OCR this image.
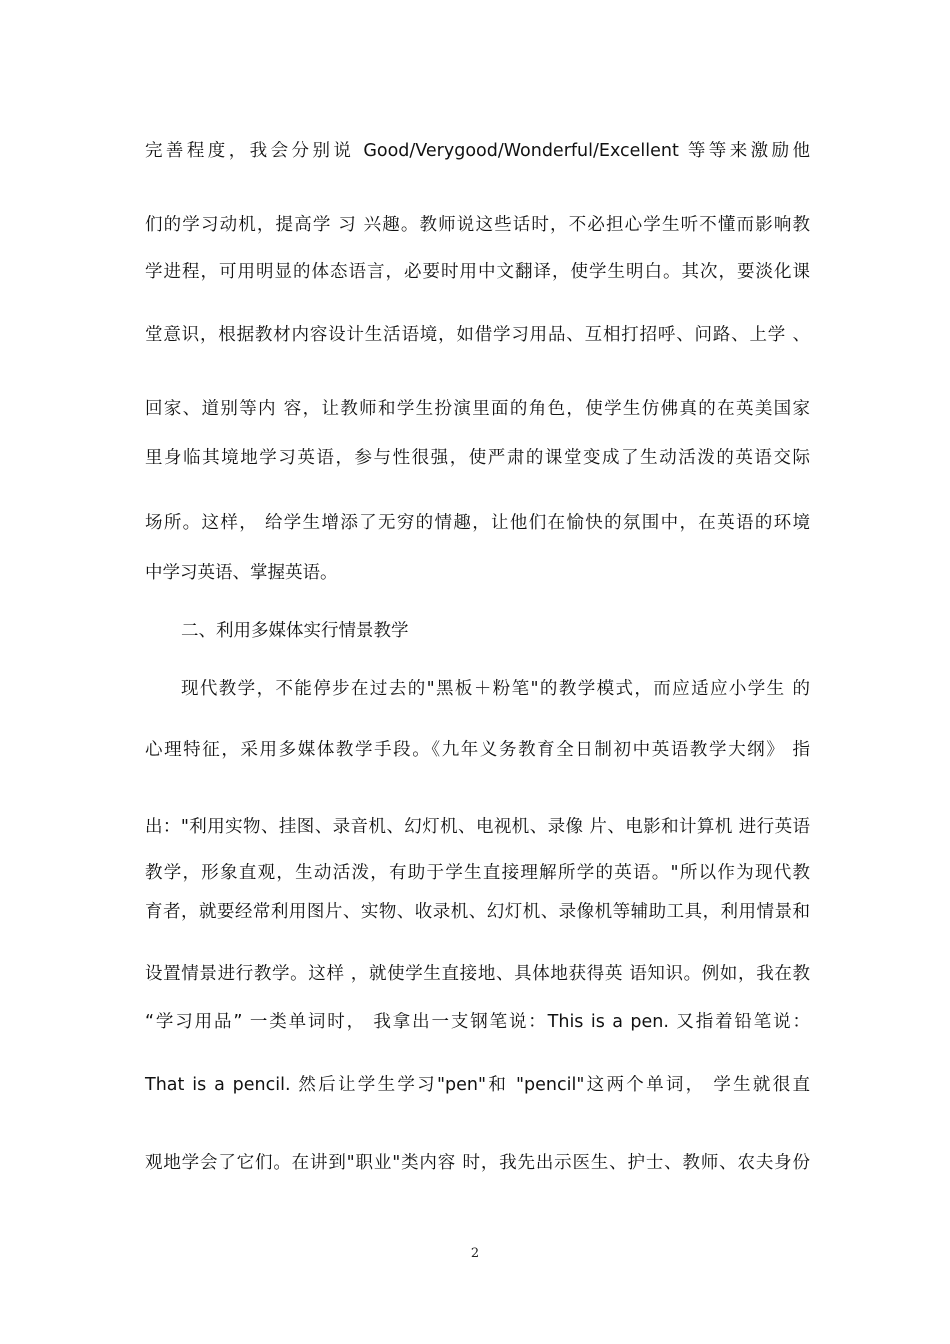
完善程度，我会分别说 Good/Verygood/Wonderful/Excellent 等等来激励他
们的学习动机，提高学 习 兴趣。教师说这些话时，不必担心学生听不懂而影响教
学进程，可用明显的体态语言，必要时用中文翻译，使学生明白。其次，要淡化课
堂意识，根据教材内容设计生活语境，如借学习用品、互相打招呼、问路、上学 、
回家、道别等内 容，让教师和学生扮演里面的角色，使学生仿佛真的在英美国家
里身临其境地学习英语，参与性很强，使严肃的课堂变成了生动活泼的英语交际
场所。这样， 给学生增添了无穷的情趣，让他们在愉快的氛围中，在英语的环境
中学习英语、掌握英语。
二、利用多媒体实行情景教学
现代教学，不能停步在过去的"黑板＋粉笔"的教学模式，而应适应小学生 的
心理特征，采用多媒体教学手段。《九年义务教育全日制初中英语教学大纲》 指
出："利用实物、挂图、录音机、幻灯机、电视机、录像 片、电影和计算机 进行英语
教学，形象直观，生动活泼，有助于学生直接理解所学的英语。"所以作为现代教
育者，就要经常利用图片、实物、收录机、幻灯机、录像机等辅助工具，利用情景和
设置情景进行教学。这样 ，就使学生直接地、具体地获得英 语知识。例如，我在教
“学习用品” 一类单词时， 我拿出一支钢笔说：This is a pen. 又指着铅笔说：
That is a pencil. 然后让学生学习"pen"和 "pencil"这两个单词， 学生就很直
观地学会了它们。在讲到"职业"类内容 时，我先出示医生、护士、教师、农夫身份
2
